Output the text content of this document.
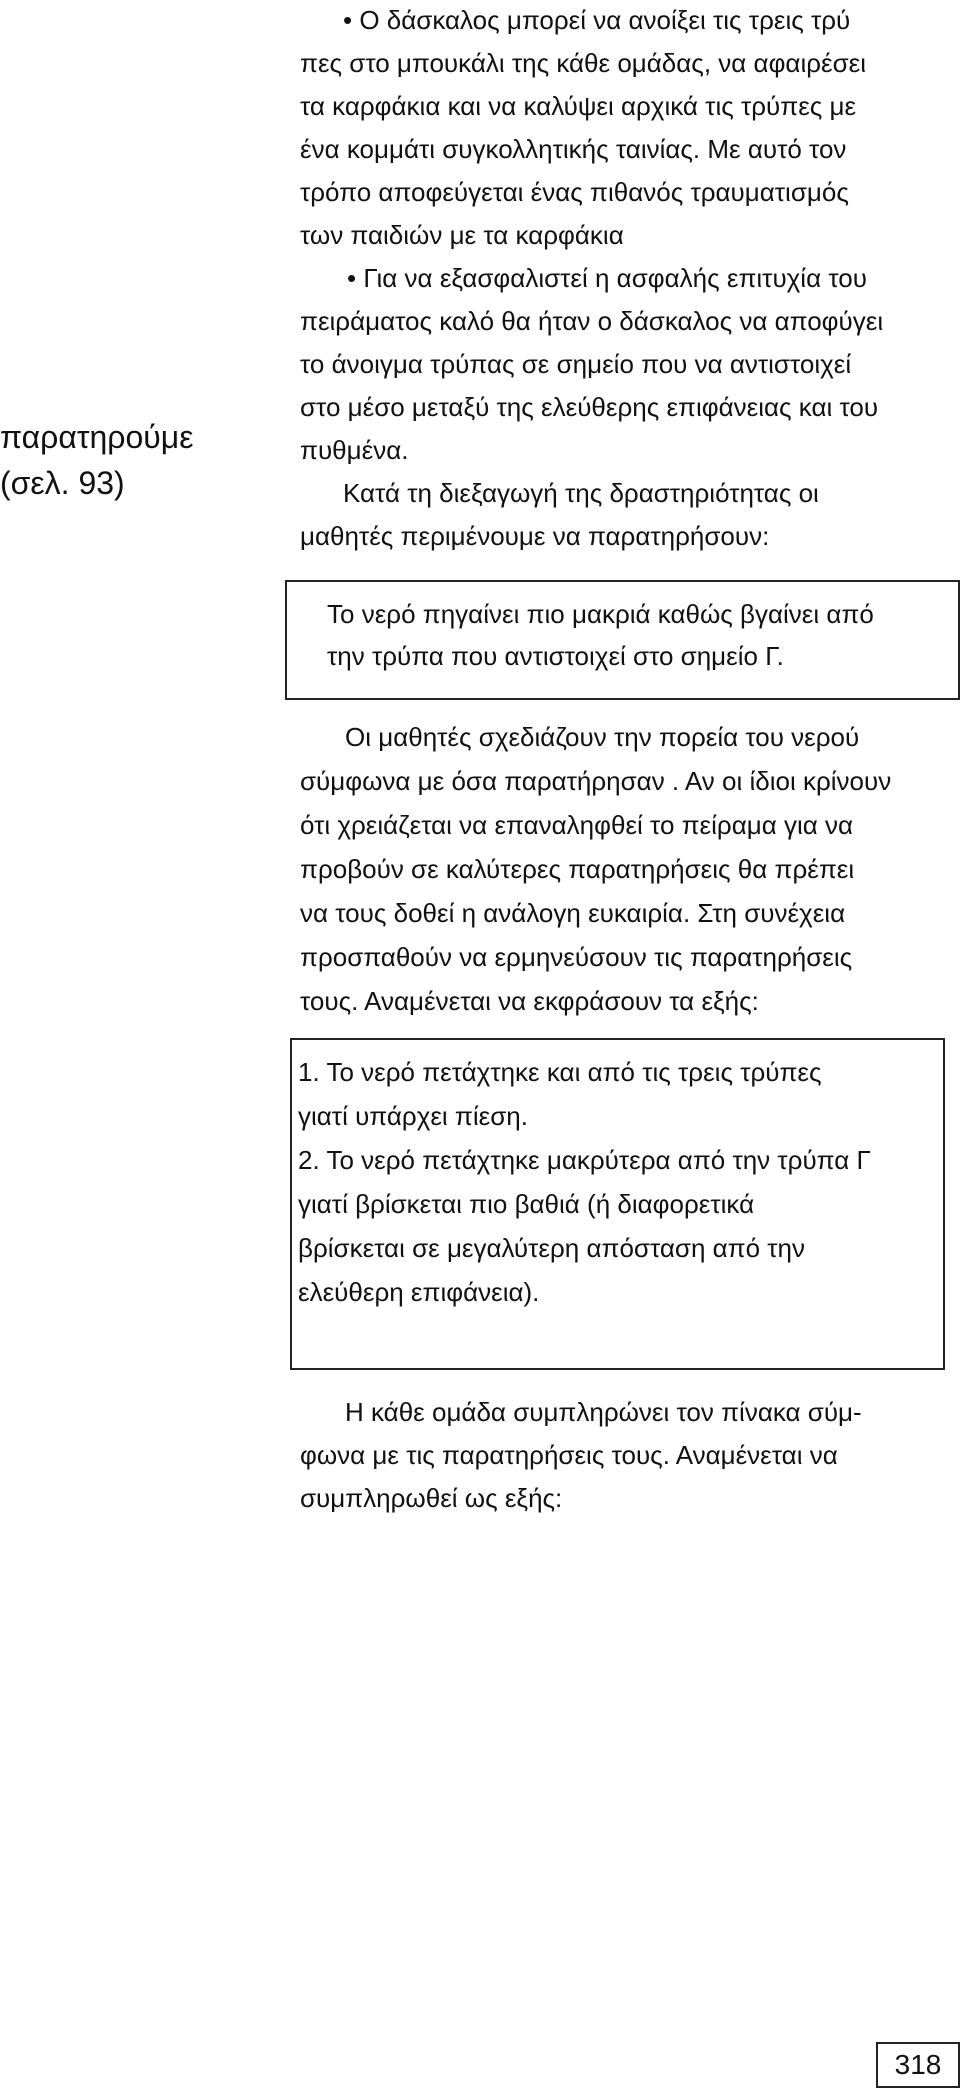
παρατηρούμε
(σελ. 93)
• Ο δάσκαλος μπορεί να ανοίξει τις τρεις τρύ
πες στο μπουκάλι της κάθε ομάδας, να αφαιρέσει
τα καρφάκια και να καλύψει αρχικά τις τρύπες με
ένα κομμάτι συγκολλητικής ταινίας. Με αυτό τον
τρόπο αποφεύγεται ένας πιθανός τραυματισμός
των παιδιών με τα καρφάκια
• Για να εξασφαλιστεί η ασφαλής επιτυχία του
πειράματος καλό θα ήταν ο δάσκαλος να αποφύγει
το άνοιγμα τρύπας σε σημείο που να αντιστοιχεί
στο μέσο μεταξύ της ελεύθερης επιφάνειας και του
πυθμένα.
Κατά τη διεξαγωγή της δραστηριότητας οι
μαθητές περιμένουμε να παρατηρήσουν:
Το νερό πηγαίνει πιο μακριά καθώς βγαίνει από
την τρύπα που αντιστοιχεί στο σημείο Γ.
Οι μαθητές σχεδιάζουν την πορεία του νερού
σύμφωνα με όσα παρατήρησαν . Αν οι ίδιοι κρίνουν
ότι χρειάζεται να επαναληφθεί το πείραμα για να
προβούν σε καλύτερες παρατηρήσεις θα πρέπει
να τους δοθεί η ανάλογη ευκαιρία. Στη συνέχεια
προσπαθούν να ερμηνεύσουν τις παρατηρήσεις
τους. Αναμένεται να εκφράσουν τα εξής:
1. Το νερό πετάχτηκε και από τις τρεις τρύπες
γιατί υπάρχει πίεση.
2. Το νερό πετάχτηκε μακρύτερα από την τρύπα Γ
γιατί βρίσκεται πιο βαθιά (ή διαφορετικά
βρίσκεται σε μεγαλύτερη απόσταση από την
ελεύθερη επιφάνεια).
Η κάθε ομάδα συμπληρώνει τον πίνακα σύμ-
φωνα με τις παρατηρήσεις τους. Αναμένεται να
συμπληρωθεί ως εξής:
318
